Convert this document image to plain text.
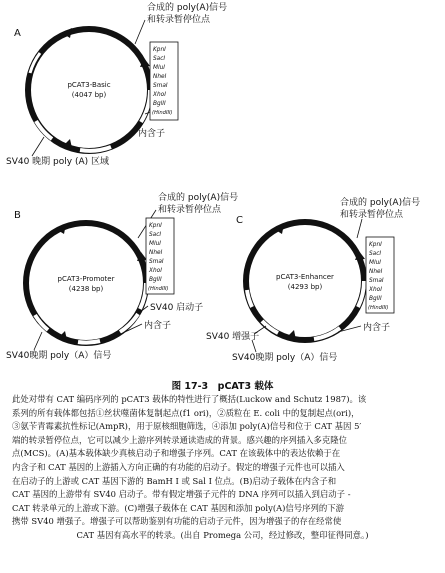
A
pCAT3-Basic
(4047 bp)
合成的 poly(A)信号
和转录暂停位点
KpnI
SacI
MluI
NheI
SmaI
XhoI
BglII
(HindIII)
内含子
SV40 晚期 poly (A) 区域
B
pCAT3-Promoter
(4238 bp)
合成的 poly(A)信号
和转录暂停位点
KpnI
SacI
MluI
NheI
SmaI
XhoI
BglII
(HindIII)
SV40 启动子
内含子
SV40晚期 poly（A）信号
C
pCAT3-Enhancer
(4293 bp)
合成的 poly(A)信号
和转录暂停位点
KpnI
SacI
MluI
NheI
SmaI
XhoI
BglII
(HindIII)
内含子
SV40 增强子
SV40晚期 poly（A）信号
图 17-3　pCAT3 载体
此处对带有 CAT 编码序列的 pCAT3 载体的特性进行了概括(Luckow and Schutz 1987)。该
系列的所有载体都包括①丝状噬菌体复制起点(f1 ori)，②质粒在 E. coli 中的复制起点(ori)，
③氨苄青霉素抗性标记(AmpR)，用于原核细胞筛选，④添加 poly(A)信号和位于 CAT 基因 5′
端的转录暂停位点，它可以减少上游序列转录通读造成的背景。感兴趣的序列插入多克隆位
点(MCS)。(A)基本载体缺少真核启动子和增强子序列。CAT 在该载体中的表达依赖于在
内含子和 CAT 基因的上游插入方向正确的有功能的启动子。假定的增强子元件也可以插入
在启动子的上游或 CAT 基因下游的 BamH I 或 Sal I 位点。(B)启动子载体在内含子和
CAT 基因的上游带有 SV40 启动子。带有假定增强子元件的 DNA 序列可以插入到启动子 -
CAT 转录单元的上游或下游。(C)增强子载体在 CAT 基因和添加 poly(A)信号序列的下游
携带 SV40 增强子。增强子可以帮助鉴别有功能的启动子元件，因为增强子的存在经常使
CAT 基因有高水平的转录。(出自 Promega 公司，经过修改，整印征得同意。)
